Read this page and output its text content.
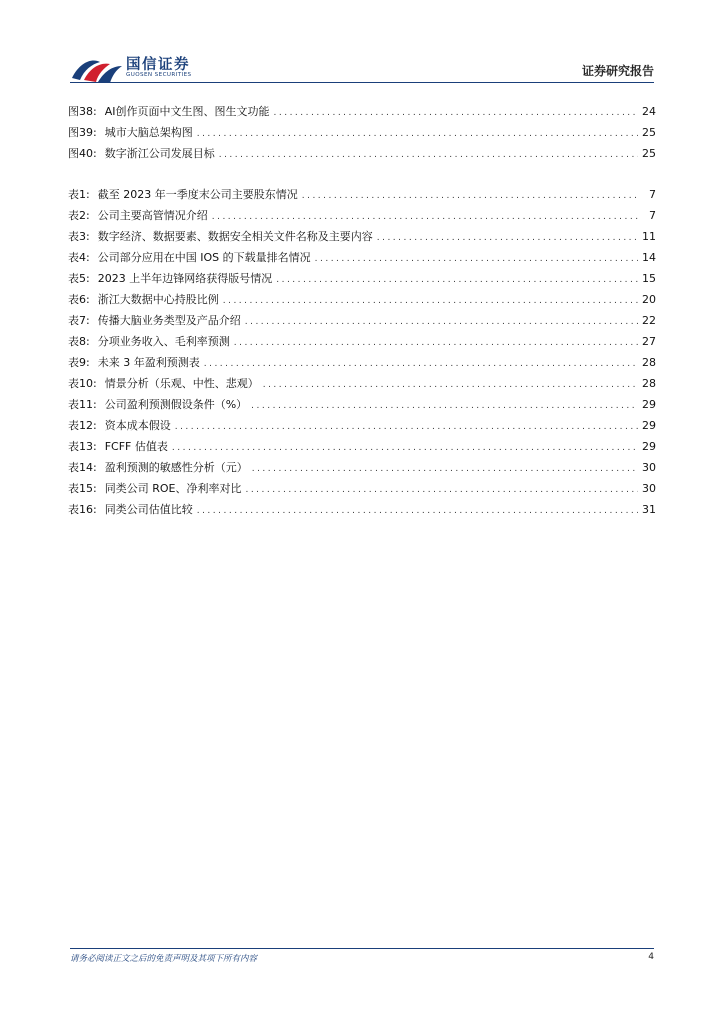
国信证券
GUOSEN SECURITIES	证券研究报告
图38: AI创作页面中文生图、图生文功能 .....	24
图39: 城市大脑总架构图 .....	25
图40: 数字浙江公司发展目标 .....	25
表1: 截至 2023 年一季度末公司主要股东情况 .....	7
表2: 公司主要高管情况介绍 .....	7
表3: 数字经济、数据要素、数据安全相关文件名称及主要内容 .....	11
表4: 公司部分应用在中国 IOS 的下载量排名情况 .....	14
表5: 2023 上半年边锋网络获得版号情况 .....	15
表6: 浙江大数据中心持股比例 .....	20
表7: 传播大脑业务类型及产品介绍 .....	22
表8: 分项业务收入、毛利率预测 .....	27
表9: 未来 3 年盈利预测表 .....	28
表10: 情景分析（乐观、中性、悲观） .....	28
表11: 公司盈利预测假设条件（%） .....	29
表12: 资本成本假设 .....	29
表13: FCFF 估值表 .....	29
表14: 盈利预测的敏感性分析（元） .....	30
表15: 同类公司 ROE、净利率对比 .....	30
表16: 同类公司估值比较 .....	31
请务必阅读正文之后的免责声明及其项下所有内容	4
